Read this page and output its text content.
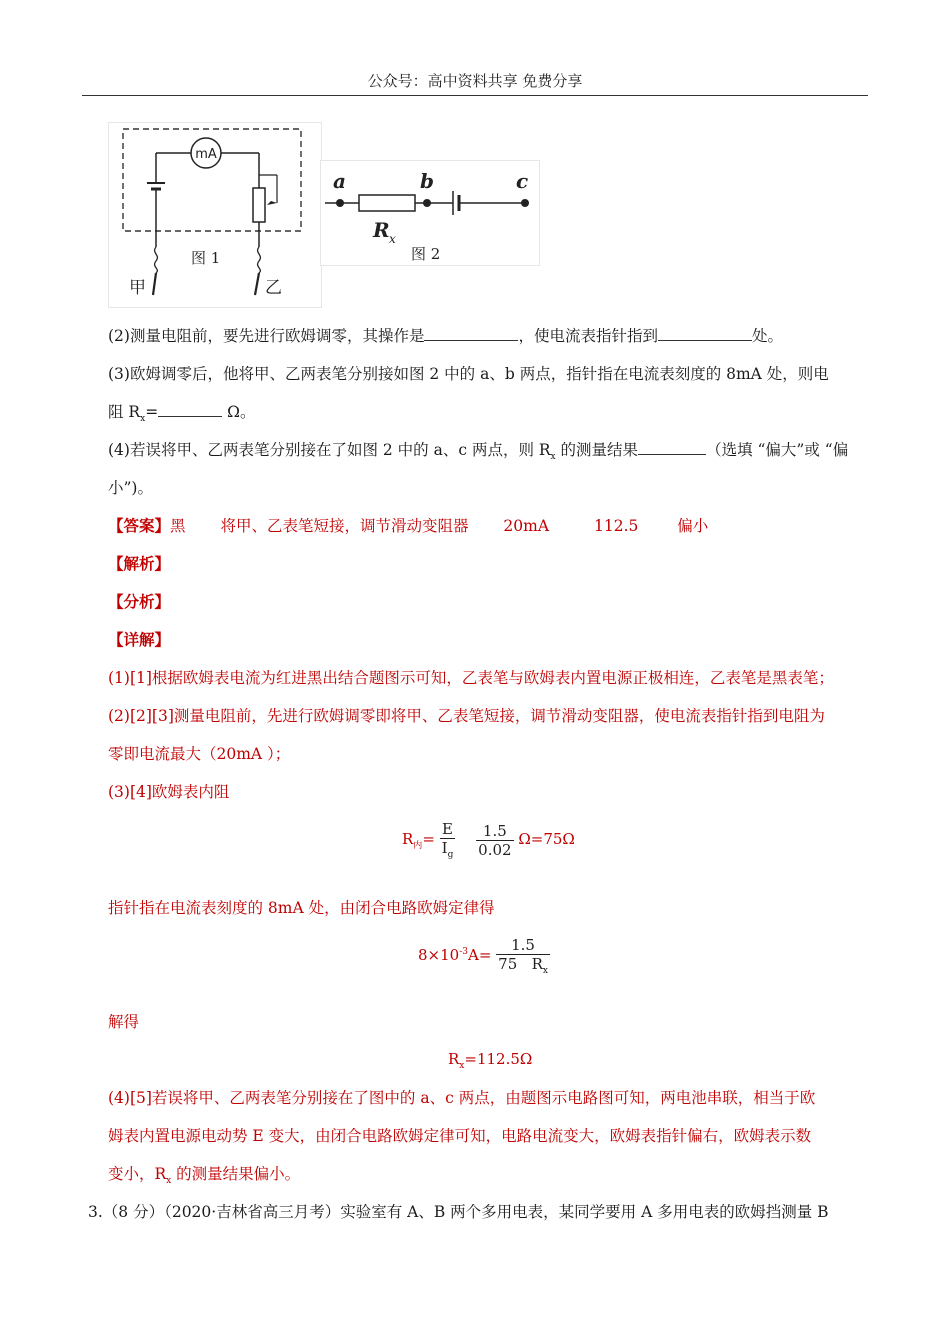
公众号：高中资料共享 免费分享
mA
图 1
甲	乙
a	b	c
R x
图 2
(2)测量电阻前，要先进行欧姆调零，其操作是	，使电流表指针指到	处。
(3)欧姆调零后，他将甲、乙两表笔分别接如图 2 中的 a、b 两点，指针指在电流表刻度的 8mA 处，则电
阻 $R_x=$	Ω。
(4)若误将甲、乙两表笔分别接在了如图 2 中的 a、c 两点，则 $R_x$ 的测量结果	（选填 “偏大”或 “偏
小”)。
【答案】黑 将甲、乙表笔短接，调节滑动变阻器 20mA	112.5	偏小
【解析】
【分析】
【详解】
(1)[1]根据欧姆表电流为红进黑出结合题图示可知，乙表笔与欧姆表内置电源正极相连，乙表笔是黑表笔；
(2)[2][3]测量电阻前，先进行欧姆调零即将甲、乙表笔短接，调节滑动变阻器，使电流表指针指到电阻为
零即电流最大（20mA ）；
(3)[4]欧姆表内阻
$R_内= \frac{E}{I_g}$
$\frac{1.5}{0.02} \Omega=75\Omega$
指针指在电流表刻度的 8mA 处，由闭合电路欧姆定律得
$8\times 10^{-3}A= \frac{1.5}{75 R_x}$
解得
$R_x=112.5\Omega$
(4)[5]若误将甲、乙两表笔分别接在了图中的 a、c 两点，由题图示电路图可知，两电池串联，相当于欧
姆表内置电源电动势 E 变大，由闭合电路欧姆定律可知，电路电流变大，欧姆表指针偏右，欧姆表示数
变小，$R_x$ 的测量结果偏小。
3.（8 分）（2020·吉林省高三月考）实验室有 A、B 两个多用电表，某同学要用 A 多用电表的欧姆挡测量 B
